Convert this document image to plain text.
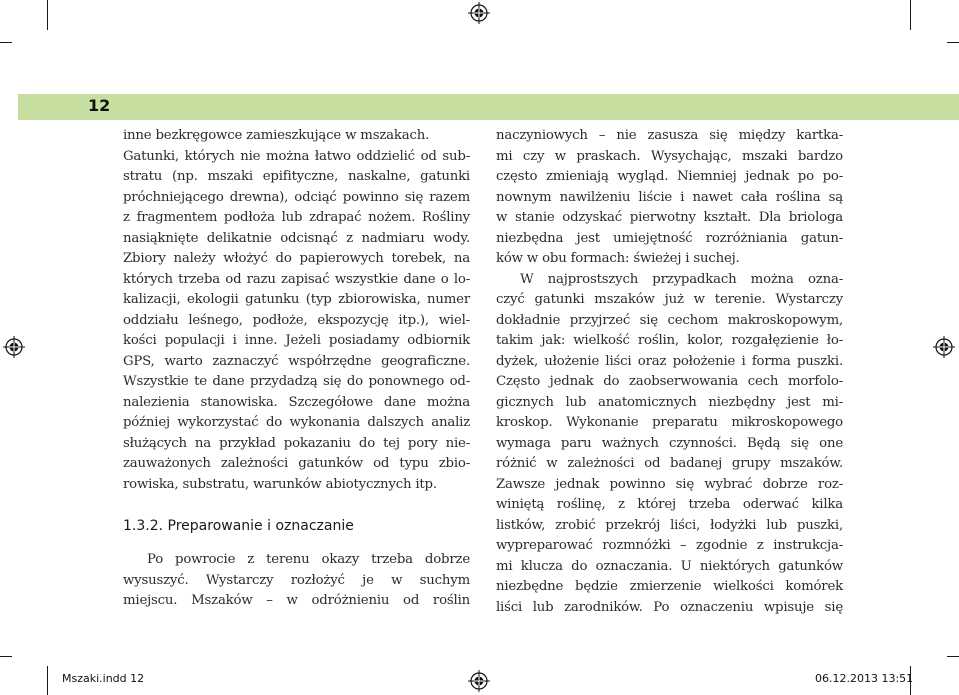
12
inne bezkręgowce zamieszkujące w mszakach.
Gatunki, których nie można łatwo oddzielić od sub-
stratu (np. mszaki epifityczne, naskalne, gatunki
próchniejącego drewna), odciąć powinno się razem
z fragmentem podłoża lub zdrapać nożem. Rośliny
nasiąknięte delikatnie odcisnąć z nadmiaru wody.
Zbiory należy włożyć do papierowych torebek, na
których trzeba od razu zapisać wszystkie dane o lo-
kalizacji, ekologii gatunku (typ zbiorowiska, numer
oddziału leśnego, podłoże, ekspozycję itp.), wiel-
kości populacji i inne. Jeżeli posiadamy odbiornik
GPS, warto zaznaczyć współrzędne geograficzne.
Wszystkie te dane przydadzą się do ponownego od-
nalezienia stanowiska. Szczegółowe dane można
później wykorzystać do wykonania dalszych analiz
służących na przykład pokazaniu do tej pory nie-
zauważonych zależności gatunków od typu zbio-
rowiska, substratu, warunków abiotycznych itp.
1.3.2. Preparowanie i oznaczanie
Po powrocie z terenu okazy trzeba dobrze
wysuszyć. Wystarczy rozłożyć je w suchym
miejscu. Mszaków – w odróżnieniu od roślin
naczyniowych – nie zasusza się między kartka-
mi czy w praskach. Wysychając, mszaki bardzo
często zmieniają wygląd. Niemniej jednak po po-
nownym nawilżeniu liście i nawet cała roślina są
w stanie odzyskać pierwotny kształt. Dla briologa
niezbędna jest umiejętność rozróżniania gatun-
ków w obu formach: świeżej i suchej.
W najprostszych przypadkach można ozna-
czyć gatunki mszaków już w terenie. Wystarczy
dokładnie przyjrzeć się cechom makroskopowym,
takim jak: wielkość roślin, kolor, rozgałęzienie ło-
dyżek, ułożenie liści oraz położenie i forma puszki.
Często jednak do zaobserwowania cech morfolo-
gicznych lub anatomicznych niezbędny jest mi-
kroskop. Wykonanie preparatu mikroskopowego
wymaga paru ważnych czynności. Będą się one
różnić w zależności od badanej grupy mszaków.
Zawsze jednak powinno się wybrać dobrze roz-
winiętą roślinę, z której trzeba oderwać kilka
listków, zrobić przekrój liści, łodyżki lub puszki,
wypreparować rozmnóżki – zgodnie z instrukcja-
mi klucza do oznaczania. U niektórych gatunków
niezbędne będzie zmierzenie wielkości komórek
liści lub zarodników. Po oznaczeniu wpisuje się
Mszaki.indd 12	06.12.2013 13:51
